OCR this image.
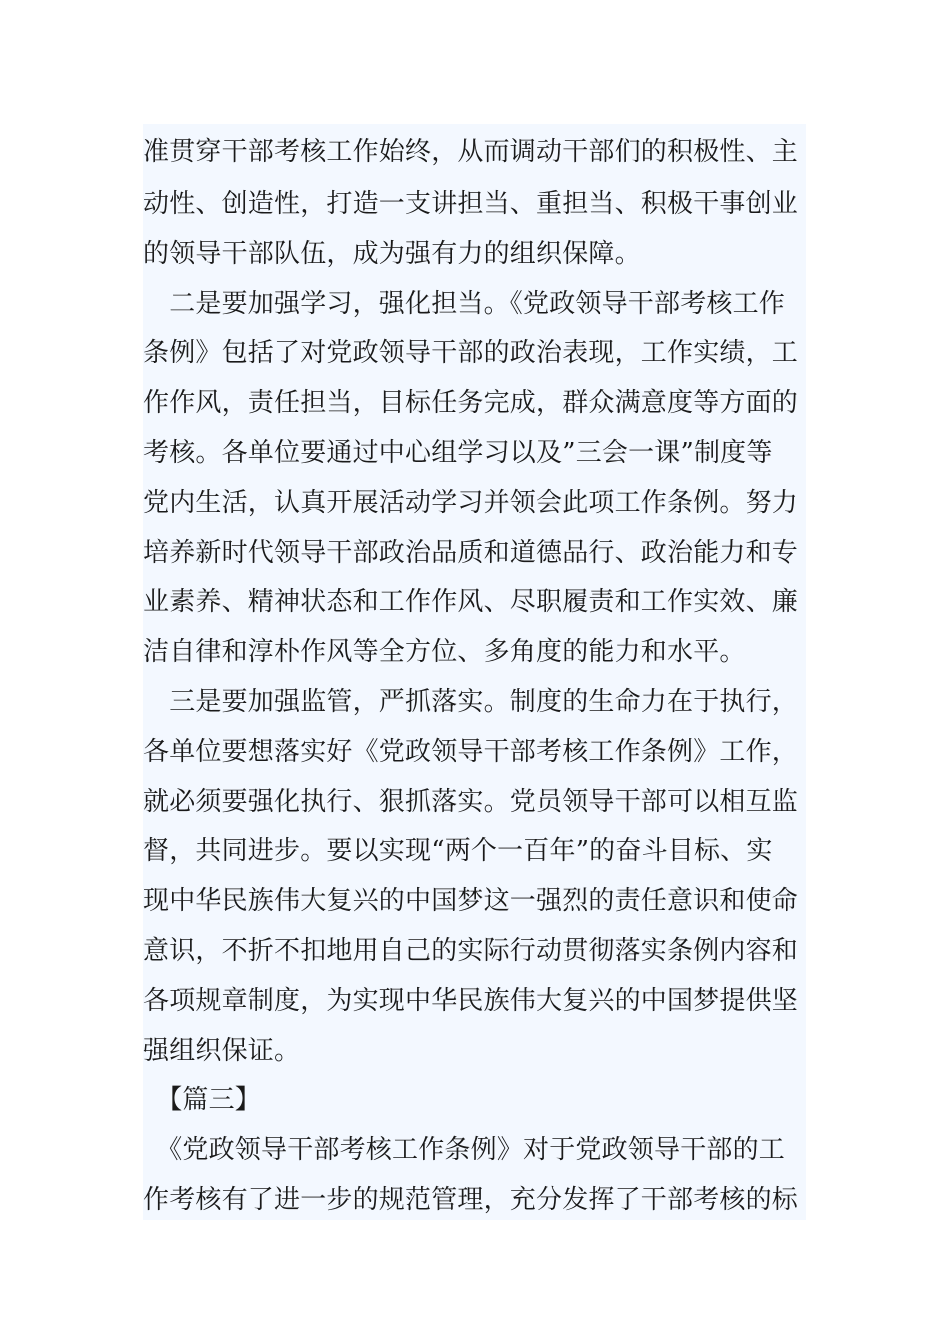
准贯穿干部考核工作始终，从而调动干部们的积极性、主
动性、创造性，打造一支讲担当、重担当、积极干事创业
的领导干部队伍，成为强有力的组织保障。
　二是要加强学习，强化担当。《党政领导干部考核工作
条例》包括了对党政领导干部的政治表现，工作实绩，工
作作风，责任担当，目标任务完成，群众满意度等方面的
考核。各单位要通过中心组学习以及”三会一课”制度等
党内生活，认真开展活动学习并领会此项工作条例。努力
培养新时代领导干部政治品质和道德品行、政治能力和专
业素养、精神状态和工作作风、尽职履责和工作实效、廉
洁自律和淳朴作风等全方位、多角度的能力和水平。
　三是要加强监管，严抓落实。制度的生命力在于执行，
各单位要想落实好《党政领导干部考核工作条例》工作，
就必须要强化执行、狠抓落实。党员领导干部可以相互监
督，共同进步。要以实现“两个一百年”的奋斗目标、实
现中华民族伟大复兴的中国梦这一强烈的责任意识和使命
意识，不折不扣地用自己的实际行动贯彻落实条例内容和
各项规章制度，为实现中华民族伟大复兴的中国梦提供坚
强组织保证。
　【篇三】
　《党政领导干部考核工作条例》对于党政领导干部的工
作考核有了进一步的规范管理，充分发挥了干部考核的标
